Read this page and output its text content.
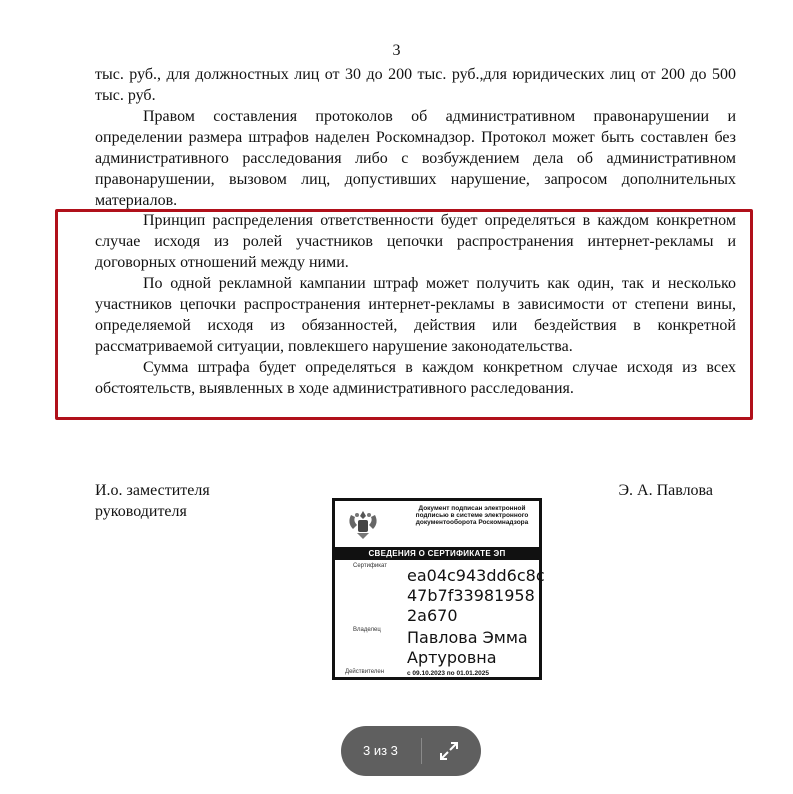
3

тыс. руб., для должностных лиц от 30 до 200 тыс. руб.,для юридических лиц от 200 до 500 тыс. руб.

Правом составления протоколов об административном правонарушении и определении размера штрафов наделен Роскомнадзор. Протокол может быть составлен без административного расследования либо с возбуждением дела об административном правонарушении, вызовом лиц, допустивших нарушение, запросом дополнительных материалов.

Принцип распределения ответственности будет определяться в каждом конкретном случае исходя из ролей участников цепочки распространения интернет-рекламы и договорных отношений между ними.

По одной рекламной кампании штраф может получить как один, так и несколько участников цепочки распространения интернет-рекламы в зависимости от степени вины, определяемой исходя из обязанностей, действия или бездействия в конкретной рассматриваемой ситуации, повлекшего нарушение законодательства.

Сумма штрафа будет определяться в каждом конкретном случае исходя из всех обстоятельств, выявленных в ходе административного расследования.

И.о. заместителя
руководителя
Э. А. Павлова
Документ подписан электронной подписью в системе электронного документооборота Роскомнадзора
СВЕДЕНИЯ О СЕРТИФИКАТЕ ЭП
Сертификат ea04c943dd6c8c
47b7f33981958
2a670
Владелец Павлова Эмма
Артуровна
Действителен	с 09.10.2023 по 01.01.2025
3 из 3
